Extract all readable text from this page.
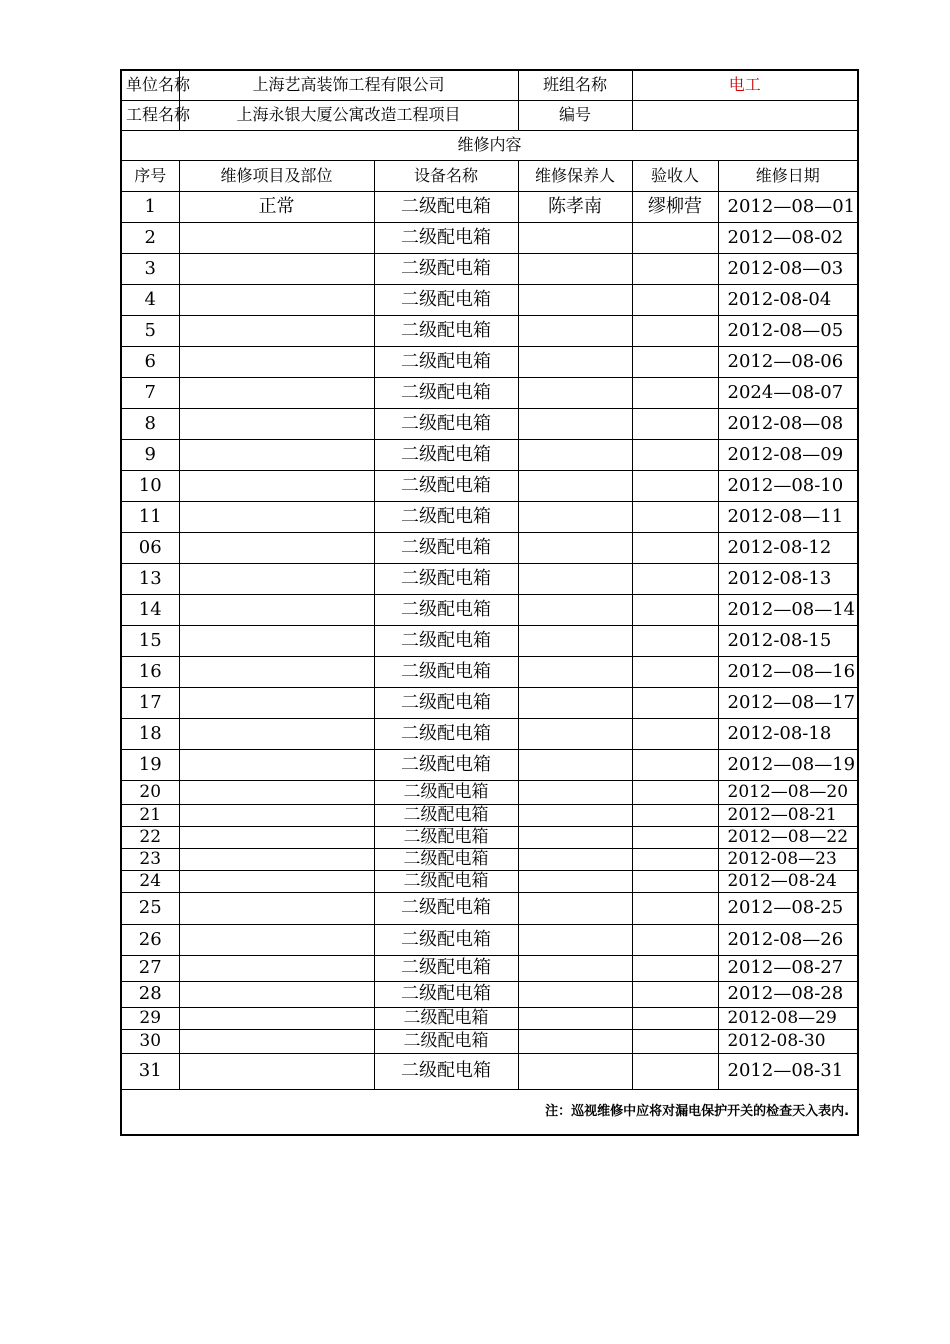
单位名称	上海艺高装饰工程有限公司		班组名称	电工	
工程名称	上海永银大厦公寓改造工程项目		编号		
维修内容					
序号	维修项目及部位	设备名称	维修保养人	验收人	维修日期
1	正常	二级配电箱	陈孝南	缪柳营	2012—08—01
2		二级配电箱			2012—08-02
3		二级配电箱			2012-08—03
4		二级配电箱			2012-08-04
5		二级配电箱			2012-08—05
6		二级配电箱			2012—08-06
7		二级配电箱			2024—08-07
8		二级配电箱			2012-08—08
9		二级配电箱			2012-08—09
10		二级配电箱			2012—08-10
11		二级配电箱			2012-08—11
06		二级配电箱			2012-08-12
13		二级配电箱			2012-08-13
14		二级配电箱			2012—08—14
15		二级配电箱			2012-08-15
16		二级配电箱			2012—08—16
17		二级配电箱			2012—08—17
18		二级配电箱			2012-08-18
19		二级配电箱			2012—08—19
20		二级配电箱			2012—08—20
21		二级配电箱			2012—08-21
22		二级配电箱			2012—08—22
23		二级配电箱			2012-08—23
24		二级配电箱			2012—08-24
25		二级配电箱			2012—08-25
26		二级配电箱			2012-08—26
27		二级配电箱			2012—08-27
28		二级配电箱			2012—08-28
29		二级配电箱			2012-08—29
30		二级配电箱			2012-08-30
31		二级配电箱			2012—08-31
注：巡视维修中应将对漏电保护开关的检查天入表内.					
